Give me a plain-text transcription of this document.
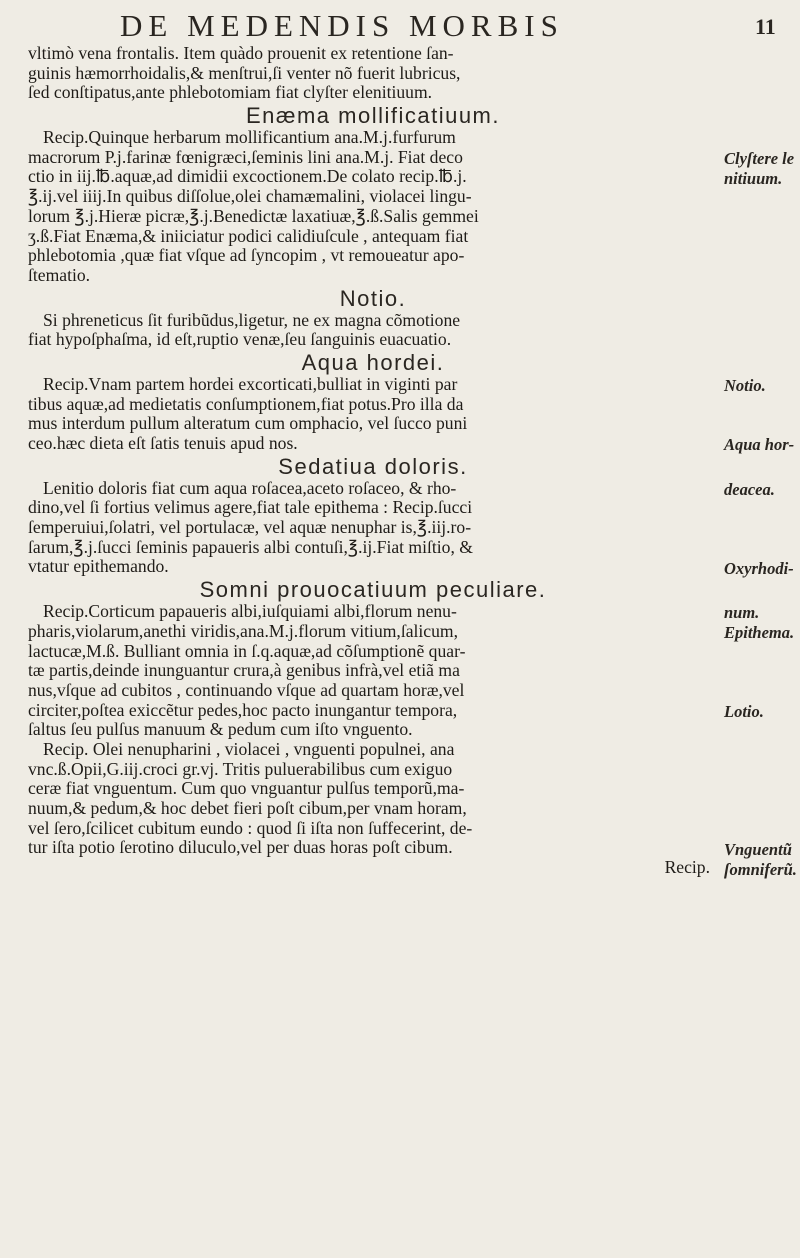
DE MEDENDIS MORBIS	11
vltimò vena frontalis. Item quàdo prouenit ex retentione ſan-
guinis hæmorrhoidalis,& menſtrui,ſi venter nõ fuerit lubricus,
ſed conſtipatus,ante phlebotomiam fiat clyſter elenitiuum.
Enæma mollificatiuum.
Recip.Quinque herbarum mollificantium ana.M.j.furfurum
macrorum P.j.farinæ fœnigræci,ſeminis lini ana.M.j. Fiat deco
ctio in iij.℔.aquæ,ad dimidii excoctionem.De colato recip.℔.j.
℥.ij.vel iiij.In quibus diſſolue,olei chamæmalini, violacei lingu-
lorum ℥.j.Hieræ picræ,℥.j.Benedictæ laxatiuæ,℥.ß.Salis gemmei
ʒ.ß.Fiat Enæma,& iniiciatur podici calidiuſcule , antequam fiat
phlebotomia ,quæ fiat vſque ad ſyncopim , vt remoueatur apo-
ſtematio.
Notio.
Si phreneticus ſit furibũdus,ligetur, ne ex magna cõmotione
fiat hypoſphaſma, id eſt,ruptio venæ,ſeu ſanguinis euacuatio.
Aqua hordei.
Recip.Vnam partem hordei excorticati,bulliat in viginti par
tibus aquæ,ad medietatis conſumptionem,fiat potus.Pro illa da
mus interdum pullum alteratum cum omphacio, vel ſucco puni
ceo.hæc dieta eſt ſatis tenuis apud nos.
Sedatiua doloris.
Lenitio doloris fiat cum aqua roſacea,aceto roſaceo, & rho-
dino,vel ſi fortius velimus agere,fiat tale epithema : Recip.ſucci
ſemperuiui,ſolatri, vel portulacæ, vel aquæ nenuphar is,℥.iij.ro-
ſarum,℥.j.ſucci ſeminis papaueris albi contuſi,℥.ij.Fiat miſtio, &
vtatur epithemando.
Somni prouocatiuum peculiare.
Recip.Corticum papaueris albi,iuſquiami albi,florum nenu-
pharis,violarum,anethi viridis,ana.M.j.florum vitium,ſalicum,
lactucæ,M.ß. Bulliant omnia in ſ.q.aquæ,ad cõſumptionẽ quar-
tæ partis,deinde inunguantur crura,à genibus infrà,vel etiã ma
nus,vſque ad cubitos , continuando vſque ad quartam horæ,vel
circiter,poſtea exiccẽtur pedes,hoc pacto inungantur tempora,
ſaltus ſeu pulſus manuum & pedum cum iſto vnguento.
Recip. Olei nenupharini , violacei , vnguenti populnei, ana
vnc.ß.Opii,G.iij.croci gr.vj. Tritis puluerabilibus cum exiguo
ceræ fiat vnguentum. Cum quo vnguantur pulſus temporũ,ma-
nuum,& pedum,& hoc debet fieri poſt cibum,per vnam horam,
vel ſero,ſcilicet cubitum eundo : quod ſi iſta non ſuffecerint, de-
tur iſta potio ſerotino diluculo,vel per duas horas poſt cibum.
Recip.
Clyſtere le
nitiuum.
Notio.
Aqua hor-
deacea.
Oxyrhodi-
num.
Epithema.
Lotio.
Vnguentũ
ſomniferũ.
